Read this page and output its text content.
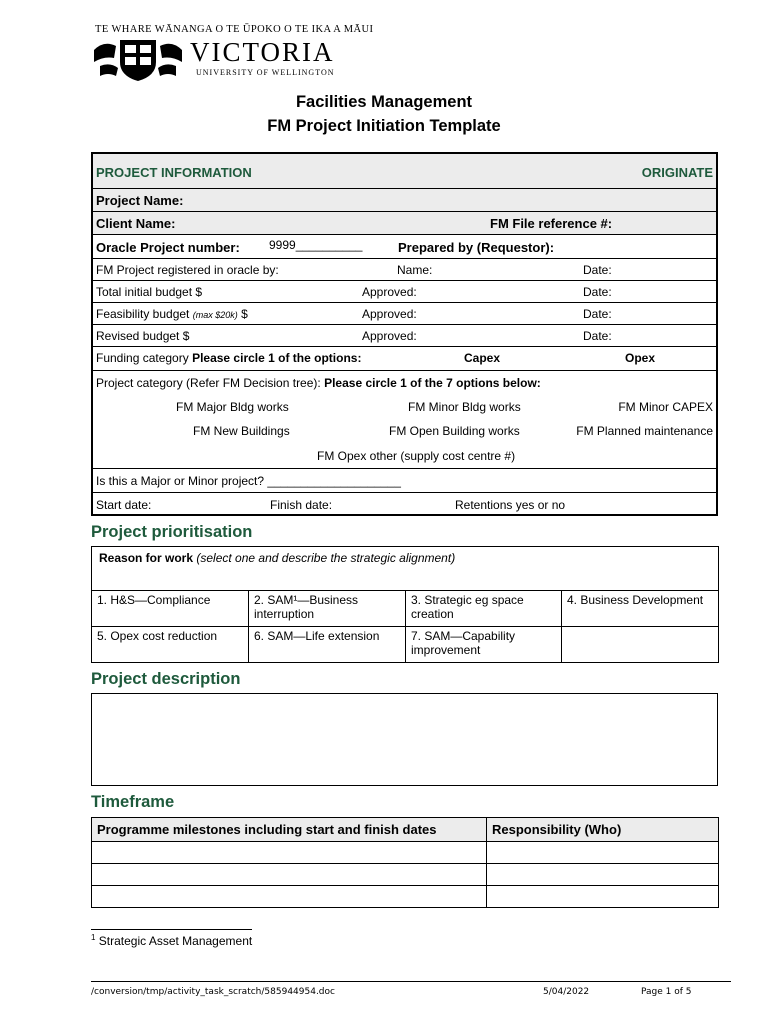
TE WHARE WĀNANGA O TE ŪPOKO O TE IKA A MĀUI
VICTORIA
UNIVERSITY OF WELLINGTON
Facilities Management
FM Project Initiation Template
PROJECT INFORMATION	ORIGINATE
Project Name:
Client Name:	FM File reference #:
Oracle Project number: 9999__________	Prepared by (Requestor):
FM Project registered in oracle by:	Name:	Date:
Total initial budget $	Approved:	Date:
Feasibility budget (max $20k) $	Approved:	Date:
Revised budget $	Approved:	Date:
Funding category Please circle 1 of the options:	Capex	Opex
Project category (Refer FM Decision tree): Please circle 1 of the 7 options below:
FM Major Bldg works	FM Minor Bldg works	FM Minor CAPEX
FM New Buildings	FM Open Building works	FM Planned maintenance
FM Opex other (supply cost centre #)
Is this a Major or Minor project? ____________________
Start date:	Finish date:	Retentions yes or no
Project prioritisation
Reason for work (select one and describe the strategic alignment)			
1. H&S—Compliance	2. SAM¹—Business interruption	3. Strategic eg space creation	4. Business Development
5. Opex cost reduction	6. SAM—Life extension	7. SAM—Capability improvement	
Project description
Timeframe
Programme milestones including start and finish dates	Responsibility (Who)

$^1$ Strategic Asset Management
/conversion/tmp/activity_task_scratch/585944954.doc	5/04/2022	Page 1 of 5
